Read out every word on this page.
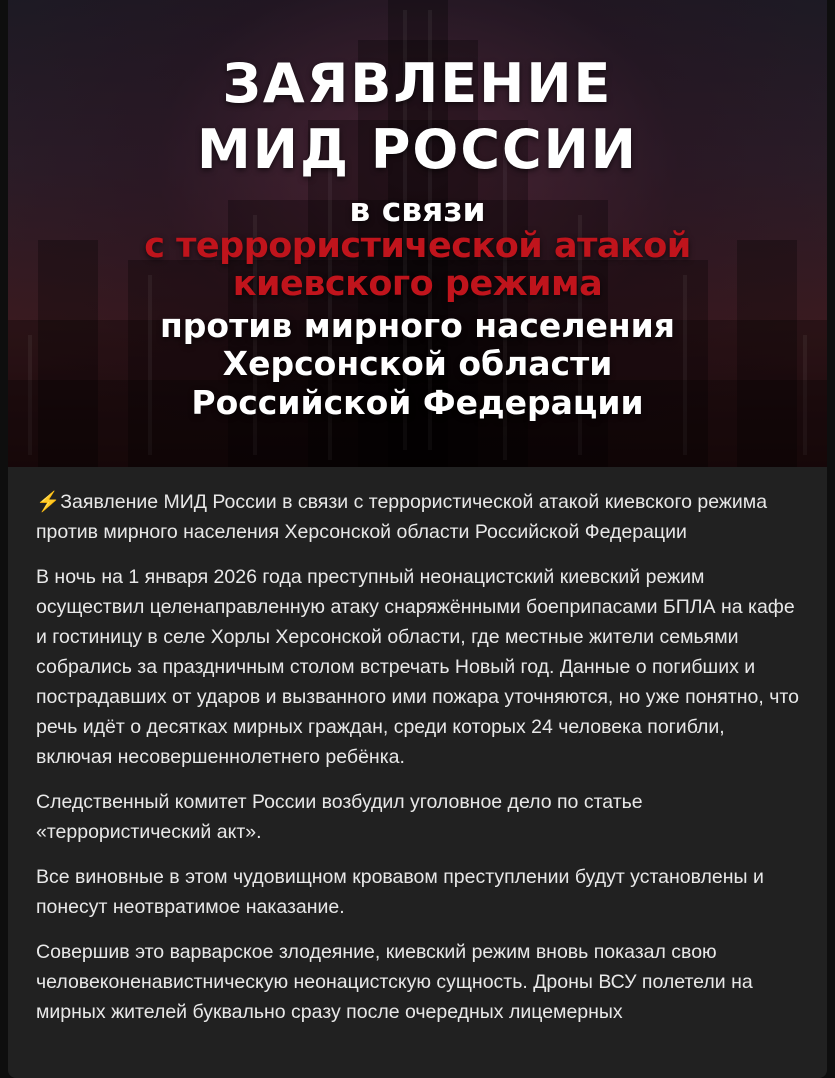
ЗАЯВЛЕНИЕ
МИД РОССИИ
в связи
с террористической атакой
киевского режима
против мирного населения
Херсонской области
Российской Федерации

⚡Заявление МИД России в связи с террористической атакой киевского режима против мирного населения Херсонской области Российской Федерации

В ночь на 1 января 2026 года преступный неонацистский киевский режим осуществил целенаправленную атаку снаряжёнными боеприпасами БПЛА на кафе и гостиницу в селе Хорлы Херсонской области, где местные жители семьями собрались за праздничным столом встречать Новый год. Данные о погибших и пострадавших от ударов и вызванного ими пожара уточняются, но уже понятно, что речь идёт о десятках мирных граждан, среди которых 24 человека погибли, включая несовершеннолетнего ребёнка.

Следственный комитет России возбудил уголовное дело по статье «террористический акт».

Все виновные в этом чудовищном кровавом преступлении будут установлены и понесут неотвратимое наказание.

Совершив это варварское злодеяние, киевский режим вновь показал свою человеконенавистническую неонацистскую сущность. Дроны ВСУ полетели на мирных жителей буквально сразу после очередных лицемерных
